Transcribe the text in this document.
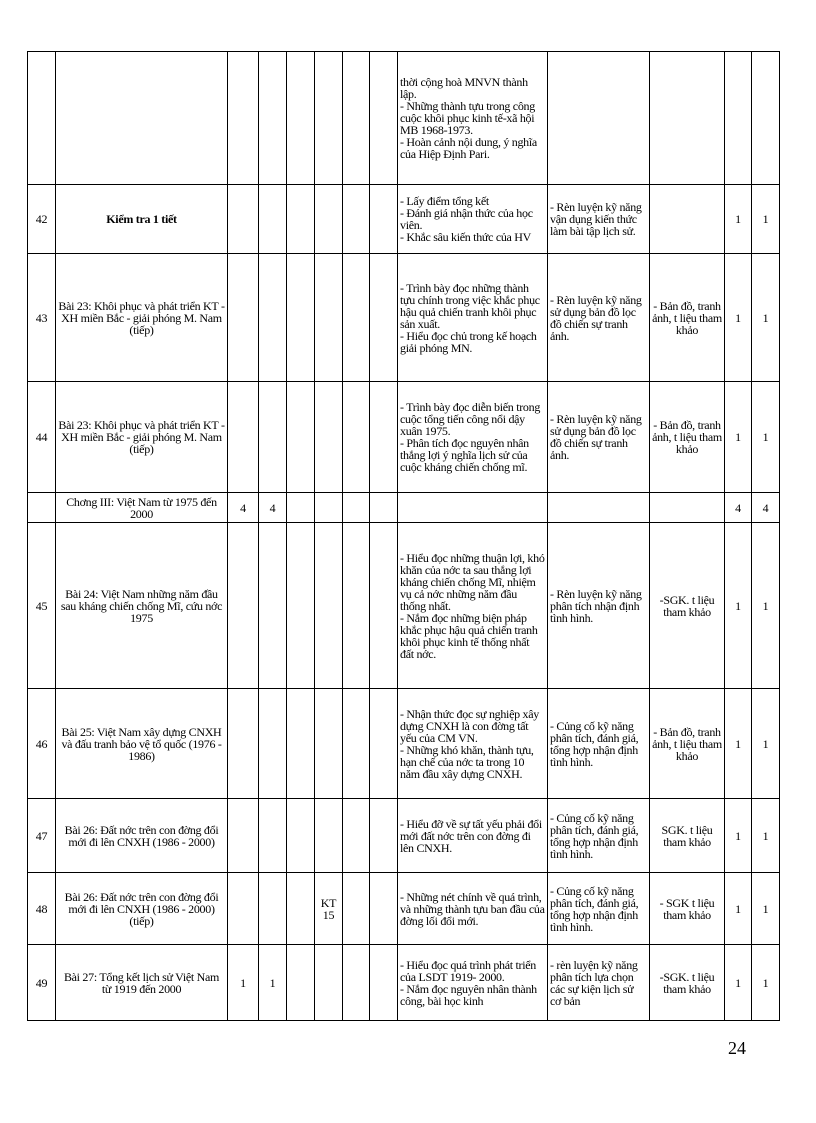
								thời cộng hoà MNVN thành lập.
- Những thành tựu trong công cuộc khôi phục kinh tế-xã hội MB 1968-1973.
- Hoàn cảnh nội dung, ý nghĩa của Hiệp Định Pari.				

42	Kiểm tra 1 tiết							- Lấy điểm tổng kết
- Đánh giá nhận thức của học viên.
- Khắc sâu kiến thức của HV	- Rèn luyện kỹ năng vận dụng kiến thức làm bài tập lịch sử.		1	1
43	Bài 23: Khôi phục và phát triển KT - XH miền Bắc - giải phóng M. Nam (tiếp)							- Trình bày đọc những thành tựu chính trong việc khắc phục hậu quả chiến tranh khôi phục sản xuất.
- Hiểu đọc chủ trong kế hoạch giải phóng MN.	- Rèn luyện kỹ năng sử dụng bản đồ lọc đồ chiến sự tranh ảnh.	- Bản đồ, tranh ảnh, t liệu tham khảo	1	1
44	Bài 23: Khôi phục và phát triển KT - XH miền Bắc - giải phóng M. Nam (tiếp)							- Trình bày đọc diễn biến trong cuộc tổng tiến công nổi dậy xuân 1975.
- Phân tích đọc nguyên nhân thắng lợi ý nghĩa lịch sử của cuộc kháng chiến chống mĩ.	- Rèn luyện kỹ năng sử dụng bản đồ lọc đồ chiến sự tranh ảnh.	- Bản đồ, tranh ảnh, t liệu tham khảo	1	1
	Chơng III: Việt Nam từ 1975 đến 2000	4	4								4	4
45	Bài 24: Việt Nam những năm đầu sau kháng chiến chống Mĩ, cứu nớc 1975							- Hiểu đọc những thuận lợi, khó khăn của nớc ta sau thắng lợi kháng chiến chống Mĩ, nhiệm vụ cả nớc những năm đầu thống nhất.
- Nắm đọc những biện pháp khắc phục hậu quả chiến tranh khôi phục kinh tế thống nhất đất nớc.	- Rèn luyện kỹ năng phân tích nhận định tình hình.	-SGK. t liệu tham khảo	1	1
46	Bài 25: Việt Nam xây dựng CNXH và đấu tranh bảo vệ tổ quốc (1976 - 1986)							- Nhận thức đọc sự nghiệp xây dựng CNXH là con đờng tất yếu của CM VN.
- Những khó khăn, thành tựu, hạn chế của nớc ta trong 10 năm đầu xây dựng CNXH.	- Củng cố kỹ năng phân tích, đánh giá, tổng hợp nhận định tình hình.	- Bản đồ, tranh ảnh, t liệu tham khảo	1	1
47	Bài 26: Đất nớc trên con đờng đổi mới đi lên CNXH (1986 - 2000)							- Hiểu đỡ về sự tất yếu phải đổi mới đất nớc trên con đờng đi lên CNXH.	- Củng cố kỹ năng phân tích, đánh giá, tổng hợp nhận định tình hình.	SGK. t liệu tham khảo	1	1
48	Bài 26: Đất nớc trên con đờng đổi mới đi lên CNXH (1986 - 2000) (tiếp)				KT 15			- Những nét chính về quá trình, và những thành tựu ban đầu của đờng lối đổi mới.	- Củng cố kỹ năng phân tích, đánh giá, tổng hợp nhận định tình hình.	- SGK t liệu tham khảo	1	1
49	Bài 27: Tổng kết lịch sử Việt Nam từ 1919 đến 2000	1	1					- Hiểu đọc quá trình phát triển của LSDT 1919- 2000.
- Nắm đọc nguyên nhân thành công, bài học kinh	- rèn luyện kỹ năng phân tích lựa chọn các sự kiện lịch sử cơ bản	-SGK. t liệu tham khảo	1	1
24
